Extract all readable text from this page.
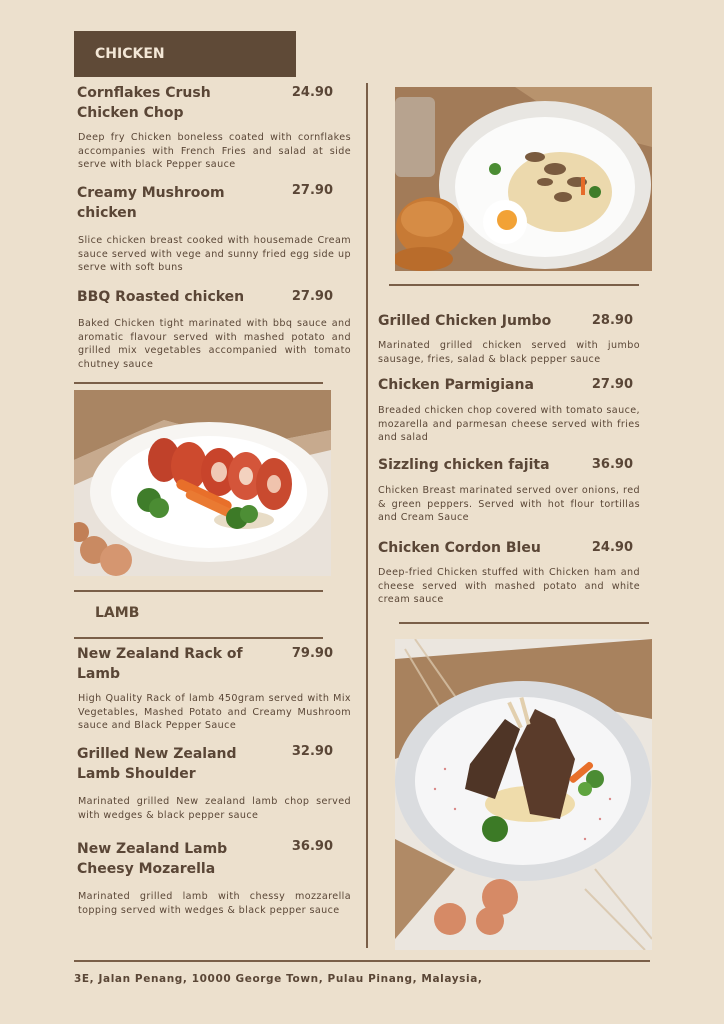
CHICKEN
Cornflakes Crush Chicken Chop
24.90
Deep fry Chicken boneless coated with cornflakes accompanies with French Fries and salad at side serve with black Pepper sauce
Creamy Mushroom chicken
27.90
Slice chicken breast cooked with housemade Cream sauce served with vege and sunny fried egg side up serve with soft buns
BBQ Roasted chicken	27.90
Baked Chicken tight marinated with bbq sauce and aromatic flavour served with mashed potato and grilled mix vegetables accompanied with tomato chutney sauce
LAMB
New Zealand Rack of Lamb
79.90
High Quality Rack of lamb 450gram served with Mix Vegetables, Mashed Potato and Creamy Mushroom sauce and Black Pepper Sauce
Grilled New Zealand Lamb Shoulder
32.90
Marinated grilled New zealand lamb chop served with wedges & black pepper sauce
New Zealand Lamb Cheesy Mozarella
36.90
Marinated grilled lamb with chessy mozzarella topping served with wedges & black pepper sauce
Grilled Chicken Jumbo	28.90
Marinated grilled chicken served with jumbo sausage, fries, salad & black pepper sauce
Chicken Parmigiana	27.90
Breaded chicken chop covered with tomato sauce, mozarella and parmesan cheese served with fries and salad
Sizzling chicken fajita	36.90
Chicken Breast marinated served over onions, red & green peppers. Served with hot flour tortillas and Cream Sauce
Chicken Cordon Bleu	24.90
Deep-fried Chicken stuffed with Chicken ham and cheese served with mashed potato and white cream sauce
3E, Jalan Penang, 10000 George Town, Pulau Pinang, Malaysia,
